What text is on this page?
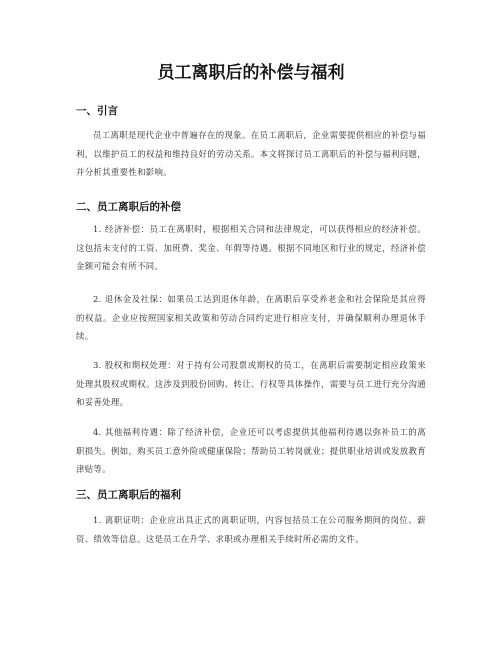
员工离职后的补偿与福利
一、引言
员工离职是现代企业中普遍存在的现象。在员工离职后，企业需要提供相应的补偿与福利，以维护员工的权益和维持良好的劳动关系。本文将探讨员工离职后的补偿与福利问题，并分析其重要性和影响。
二、员工离职后的补偿
1. 经济补偿：员工在离职时，根据相关合同和法律规定，可以获得相应的经济补偿。这包括未支付的工资、加班费、奖金、年假等待遇。根据不同地区和行业的规定，经济补偿金额可能会有所不同。
2. 退休金及社保：如果员工达到退休年龄，在离职后享受养老金和社会保险是其应得的权益。企业应按照国家相关政策和劳动合同约定进行相应支付，并确保顺利办理退休手续。
3. 股权和期权处理：对于持有公司股票或期权的员工，在离职后需要制定相应政策来处理其股权或期权。这涉及到股份回购、转让、行权等具体操作，需要与员工进行充分沟通和妥善处理。
4. 其他福利待遇：除了经济补偿，企业还可以考虑提供其他福利待遇以弥补员工的离职损失。例如，购买员工意外险或健康保险；帮助员工转岗就业；提供职业培训或发放教育津贴等。
三、员工离职后的福利
1. 离职证明：企业应出具正式的离职证明，内容包括员工在公司服务期间的岗位、薪资、绩效等信息。这是员工在升学、求职或办理相关手续时所必需的文件。
